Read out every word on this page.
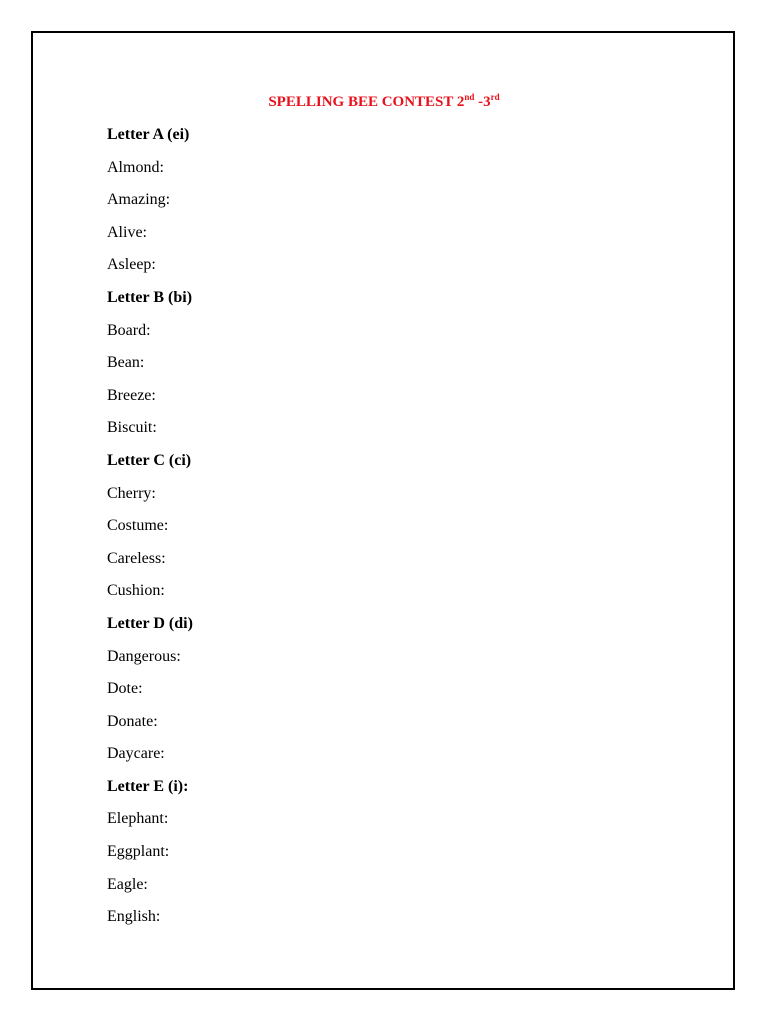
SPELLING BEE CONTEST 2nd -3rd
Letter A (ei)
Almond:
Amazing:
Alive:
Asleep:
Letter B (bi)
Board:
Bean:
Breeze:
Biscuit:
Letter C (ci)
Cherry:
Costume:
Careless:
Cushion:
Letter D (di)
Dangerous:
Dote:
Donate:
Daycare:
Letter E (i):
Elephant:
Eggplant:
Eagle:
English:
